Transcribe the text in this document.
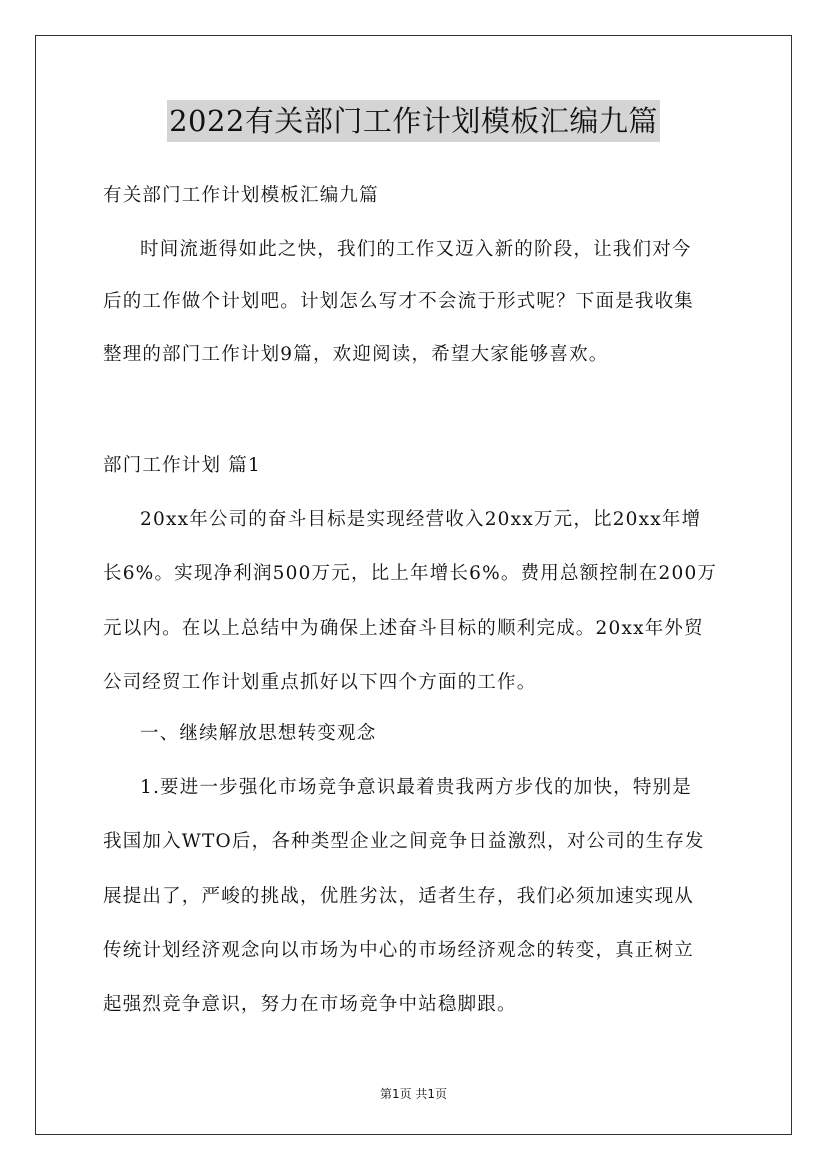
2022有关部门工作计划模板汇编九篇
有关部门工作计划模板汇编九篇
时间流逝得如此之快，我们的工作又迈入新的阶段，让我们对今
后的工作做个计划吧。计划怎么写才不会流于形式呢？下面是我收集
整理的部门工作计划9篇，欢迎阅读，希望大家能够喜欢。
部门工作计划 篇1
20xx年公司的奋斗目标是实现经营收入20xx万元，比20xx年增
长6%。实现净利润500万元，比上年增长6%。费用总额控制在200万
元以内。在以上总结中为确保上述奋斗目标的顺利完成。20xx年外贸
公司经贸工作计划重点抓好以下四个方面的工作。
一、继续解放思想转变观念
1.要进一步强化市场竞争意识最着贵我两方步伐的加快，特别是
我国加入WTO后，各种类型企业之间竞争日益激烈，对公司的生存发
展提出了，严峻的挑战，优胜劣汰，适者生存，我们必须加速实现从
传统计划经济观念向以市场为中心的市场经济观念的转变，真正树立
起强烈竞争意识，努力在市场竞争中站稳脚跟。
第1页 共1页
